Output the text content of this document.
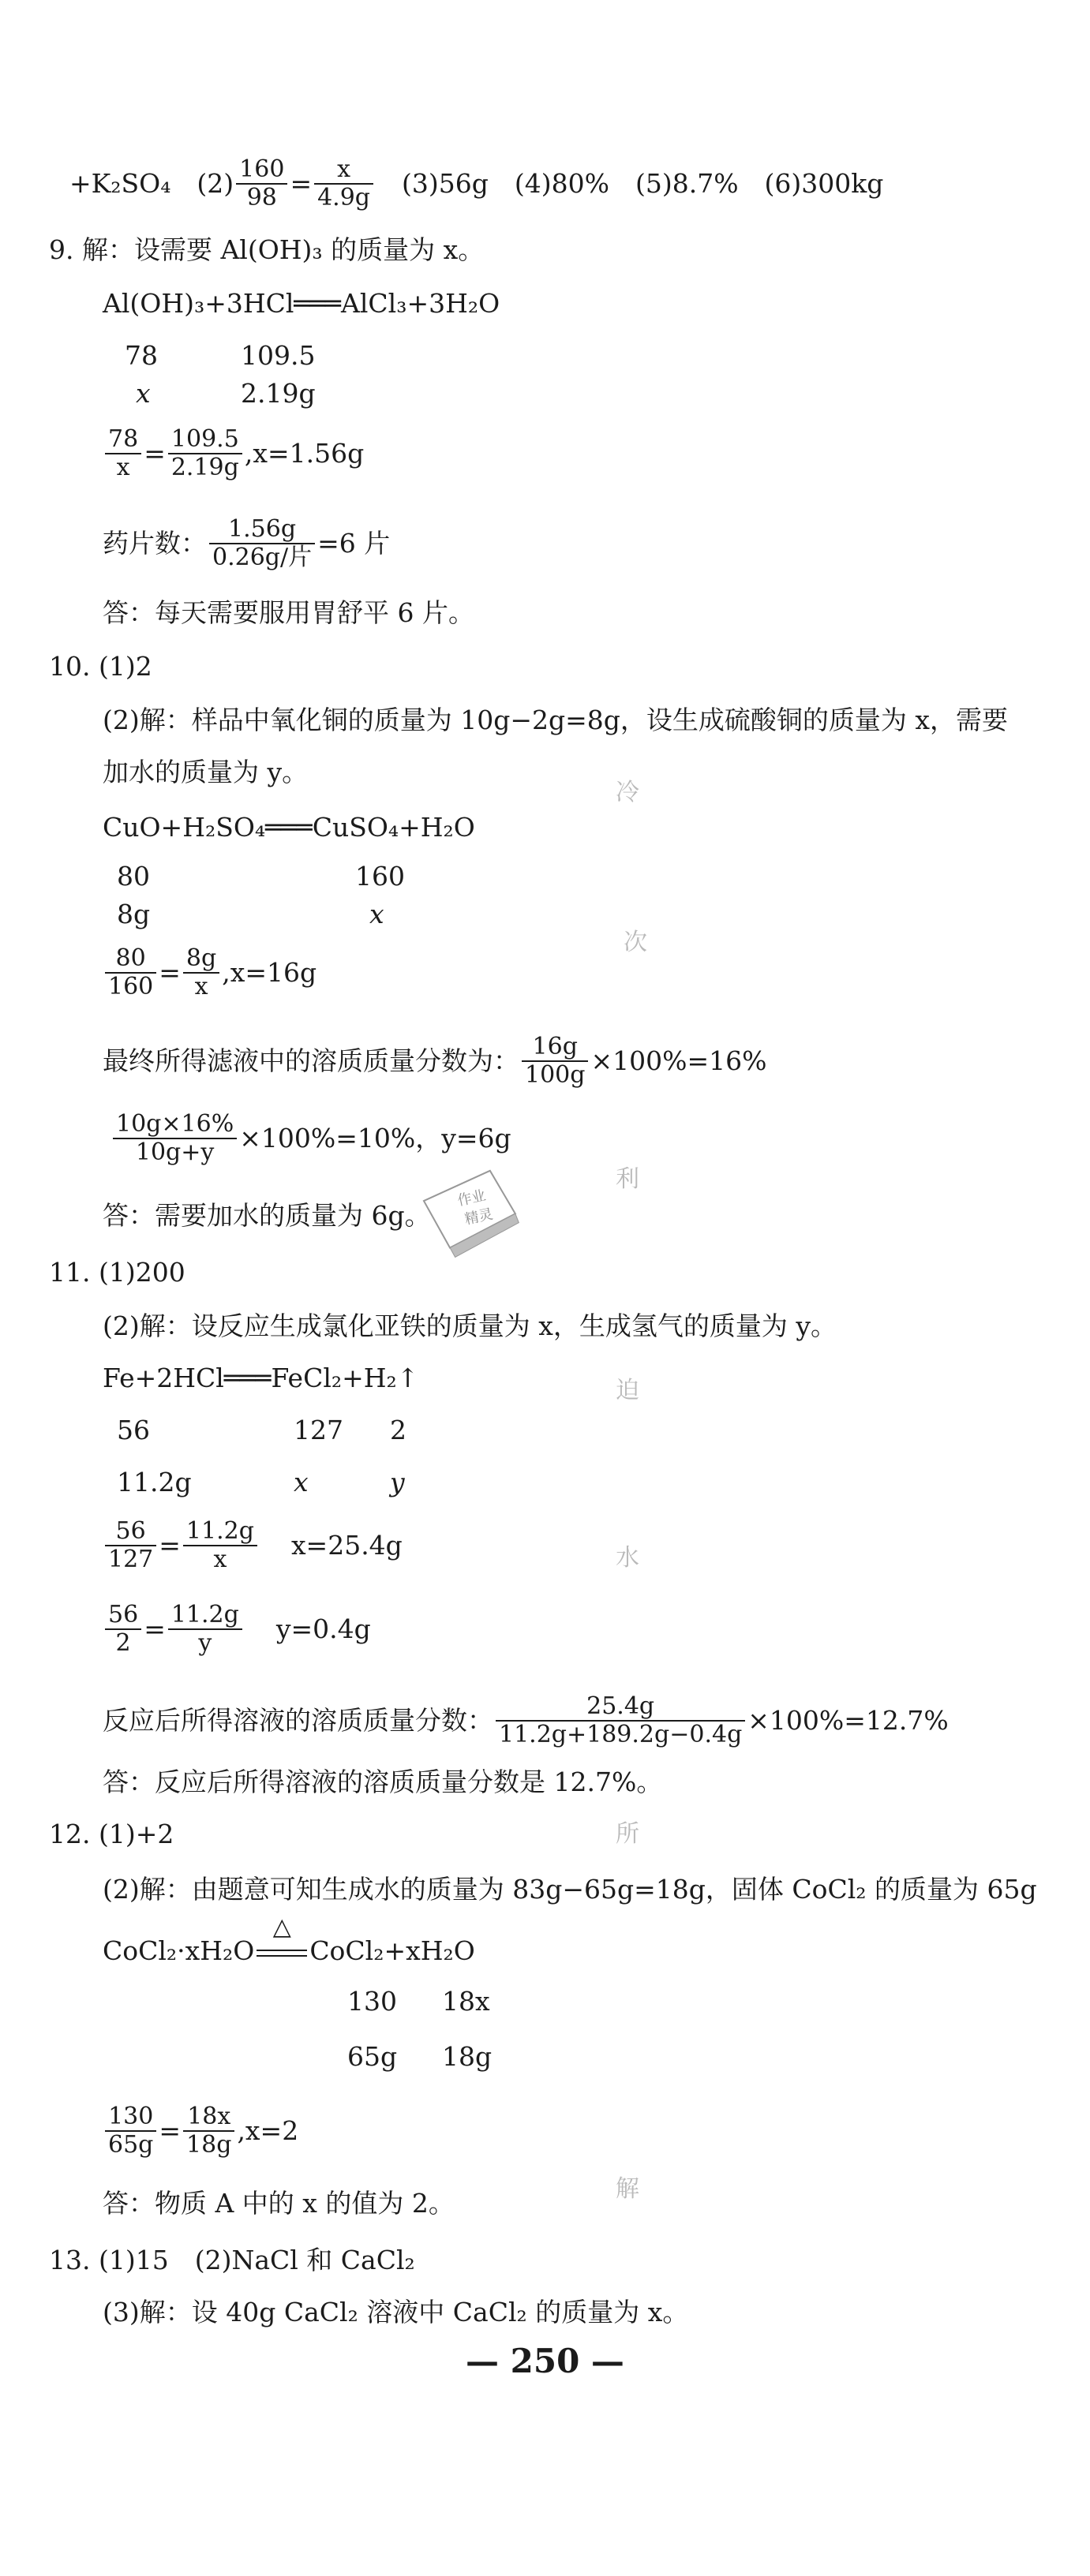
+K₂SO₄　$(2) \frac{160}{98} = \frac{x}{4.9g}$ 　(3)56g　(4)80%　(5)8.7%　(6)300kg
9. 解：设需要 Al(OH)₃ 的质量为 x。
Al(OH)₃+3HCl═══AlCl₃+3H₂O
78	109.5
x	2.19g
$\frac{78}{x} = \frac{109.5}{2.19g} ,x=1.56g$
药片数： $\frac{1.56g}{\text{0.26g/片}} =6$ 片
答：每天需要服用胃舒平 6 片。
10. (1)2
(2)解：样品中氧化铜的质量为 10g−2g=8g，设生成硫酸铜的质量为 x，需要
加水的质量为 y。
CuO+H₂SO₄═══CuSO₄+H₂O
80	160
8g	x
$\frac{80}{160} = \frac{8g}{x} ,x=16g$
最终所得滤液中的溶质质量分数为： $\frac{16g}{100g} \times 100\%=16\%$
$\frac{10g\times 16\%}{10g+y} \times 100\%=10\%$，y=6g
答：需要加水的质量为 6g。
作业
精灵
11. (1)200
(2)解：设反应生成氯化亚铁的质量为 x，生成氢气的质量为 y。
Fe+2HCl═══FeCl₂+H₂↑
56	127 2
11.2g	x	y
$\frac{56}{127} = \frac{11.2g}{x} x=25.4g$
$\frac{56}{2} = \frac{11.2g}{y} y=0.4g$
反应后所得溶液的溶质质量分数： $\frac{25.4g}{11.2g+189.2g-0.4g} \times 100\%=12.7\%$
答：反应后所得溶液的溶质质量分数是 12.7%。
12. (1)+2
(2)解：由题意可知生成水的质量为 83g−65g=18g，固体 CoCl₂ 的质量为 65g
CoCl₂·xH₂O
△
CoCl₂+xH₂O
130 18x
65g 18g
$\frac{130}{65g} = \frac{18x}{18g} ,x=2$
答：物质 A 中的 x 的值为 2。
13. (1)15　(2)NaCl 和 CaCl₂
(3)解：设 40g CaCl₂ 溶液中 CaCl₂ 的质量为 x。
— 250 —
冷
次
利
迫
水
所
解
